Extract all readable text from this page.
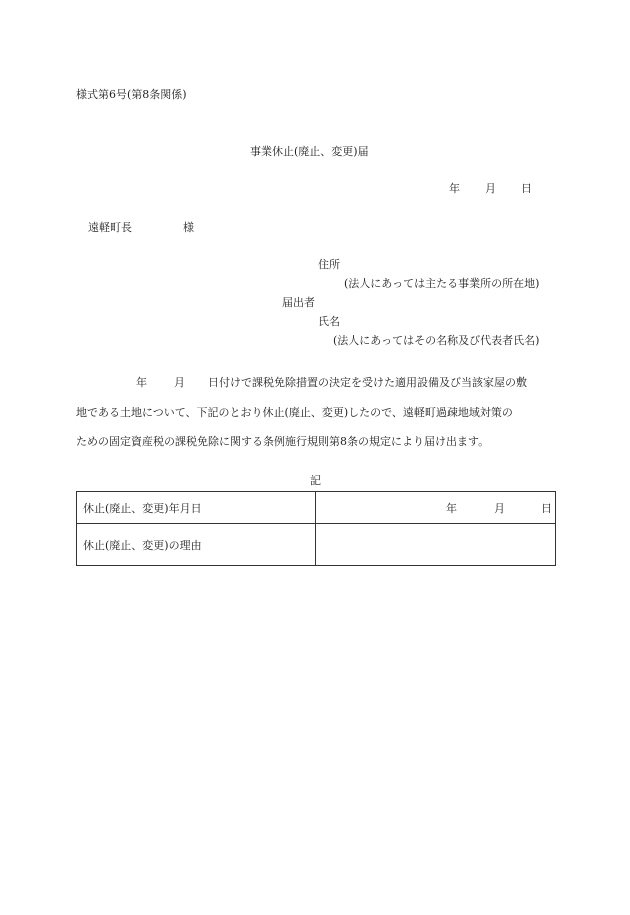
様式第6号(第8条関係)
事業休止(廃止、変更)届
年 月 日
遠軽町長	様
住所
(法人にあっては主たる事業所の所在地)
届出者
氏名
(法人にあってはその名称及び代表者氏名)
年 月 日付けで課税免除措置の決定を受けた適用設備及び当該家屋の敷
地である土地について、下記のとおり休止(廃止、変更)したので、遠軽町過疎地域対策の
ための固定資産税の課税免除に関する条例施行規則第8条の規定により届け出ます。
記
休止(廃止、変更)年月日	年 月 日

休止(廃止、変更)の理由	
